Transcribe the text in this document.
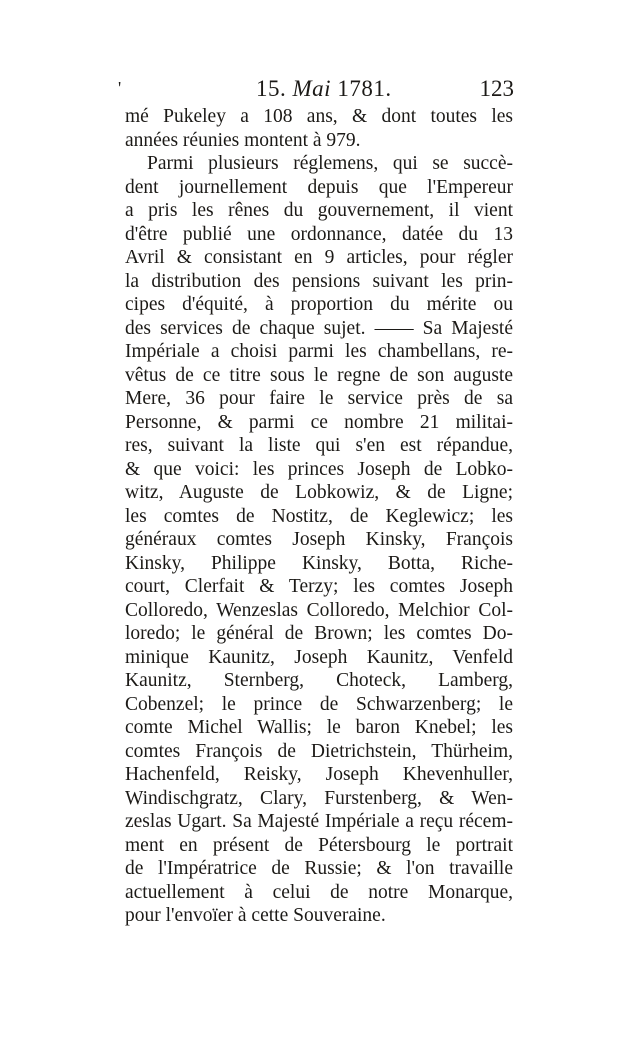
'	15. Mai 1781.	123
mé Pukeley a 108 ans, & dont toutes les
années réunies montent à 979.
Parmi plusieurs réglemens, qui se succè-
dent journellement depuis que l'Empereur
a pris les rênes du gouvernement, il vient
d'être publié une ordonnance, datée du 13
Avril & consistant en 9 articles, pour régler
la distribution des pensions suivant les prin-
cipes d'équité, à proportion du mérite ou
des services de chaque sujet. —— Sa Majesté
Impériale a choisi parmi les chambellans, re-
vêtus de ce titre sous le regne de son auguste
Mere, 36 pour faire le service près de sa
Personne, & parmi ce nombre 21 militai-
res, suivant la liste qui s'en est répandue,
& que voici: les princes Joseph de Lobko-
witz, Auguste de Lobkowiz, & de Ligne;
les comtes de Nostitz, de Keglewicz; les
généraux comtes Joseph Kinsky, François
Kinsky, Philippe Kinsky, Botta, Riche-
court, Clerfait & Terzy; les comtes Joseph
Colloredo, Wenzeslas Colloredo, Melchior Col-
loredo; le général de Brown; les comtes Do-
minique Kaunitz, Joseph Kaunitz, Venfeld
Kaunitz, Sternberg, Choteck, Lamberg,
Cobenzel; le prince de Schwarzenberg; le
comte Michel Wallis; le baron Knebel; les
comtes François de Dietrichstein, Thürheim,
Hachenfeld, Reisky, Joseph Khevenhuller,
Windischgratz, Clary, Furstenberg, & Wen-
zeslas Ugart. Sa Majesté Impériale a reçu récem-
ment en présent de Pétersbourg le portrait
de l'Impératrice de Russie; & l'on travaille
actuellement à celui de notre Monarque,
pour l'envoïer à cette Souveraine.
